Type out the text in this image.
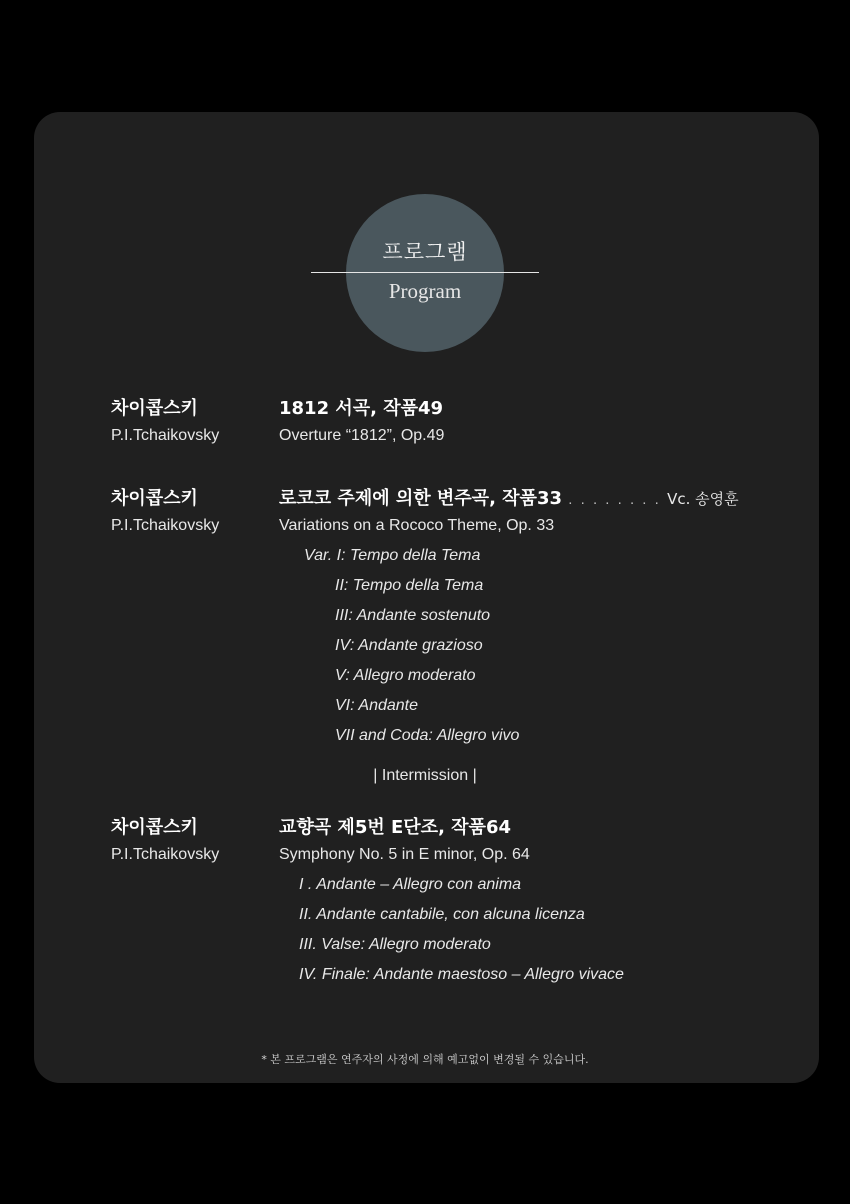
프로그램
Program
차이콥스키
P.I.Tchaikovsky
1812 서곡, 작품49
Overture “1812”, Op.49
차이콥스키
P.I.Tchaikovsky
로코코 주제에 의한 변주곡, 작품33 . . . . . . . . Vc. 송영훈
Variations on a Rococo Theme, Op. 33
Var. I: Tempo della Tema
II: Tempo della Tema
III: Andante sostenuto
IV: Andante grazioso
V: Allegro moderato
VI: Andante
VII and Coda: Allegro vivo
| Intermission |
차이콥스키
P.I.Tchaikovsky
교향곡 제5번 E단조, 작품64
Symphony No. 5 in E minor, Op. 64
I . Andante – Allegro con anima
II. Andante cantabile, con alcuna licenza
III. Valse: Allegro moderato
IV. Finale: Andante maestoso – Allegro vivace
* 본 프로그램은 연주자의 사정에 의해 예고없이 변경될 수 있습니다.
